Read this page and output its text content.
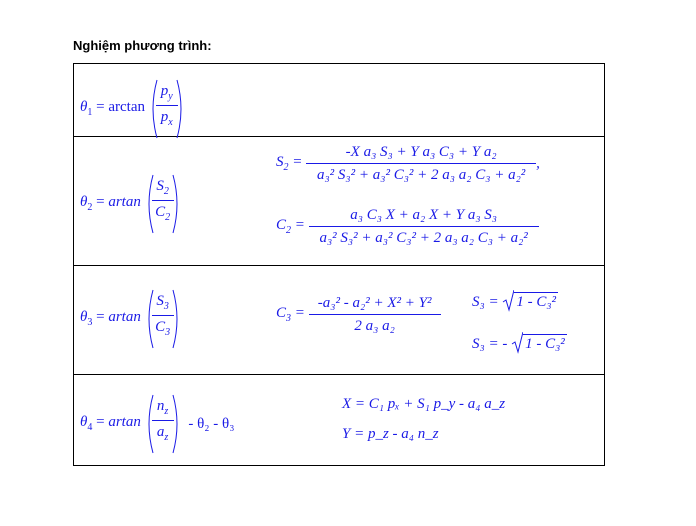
Nghiệm phương trình:
$\theta_1 = \arctan$
$p_y$
$p_x$
$\theta_2 = artan$
$S_2$
$C_2$
$S_2 = \frac{\text{-X a₃ S₃ + Y a₃ C₃ + Y a₂}}{\text{a₃² S₃² + a₃² C₃² + 2 a₃ a₂ C₃ + a₂²}}$ ,
$C_2 = \frac{\text{a₃ C₃ X + a₂ X + Y a₃ S₃}}{\text{a₃² S₃² + a₃² C₃² + 2 a₃ a₂ C₃ + a₂²}}$
$\theta_3 = artan$
$S_3$
$C_3$
$C_3 = \frac{\text{-a₃² - a₂² + X² + Y²}}{\text{2 a₃ a₂}} S_3 = 1 - C_3^2$
S₃ = - 1 - C₃²
$\theta_4 = artan$
$n_z$
$a_z$
- θ₂ - θ₃
X = C₁ pₓ + S₁ p_y - a₄ a_z
Y = p_z - a₄ n_z
